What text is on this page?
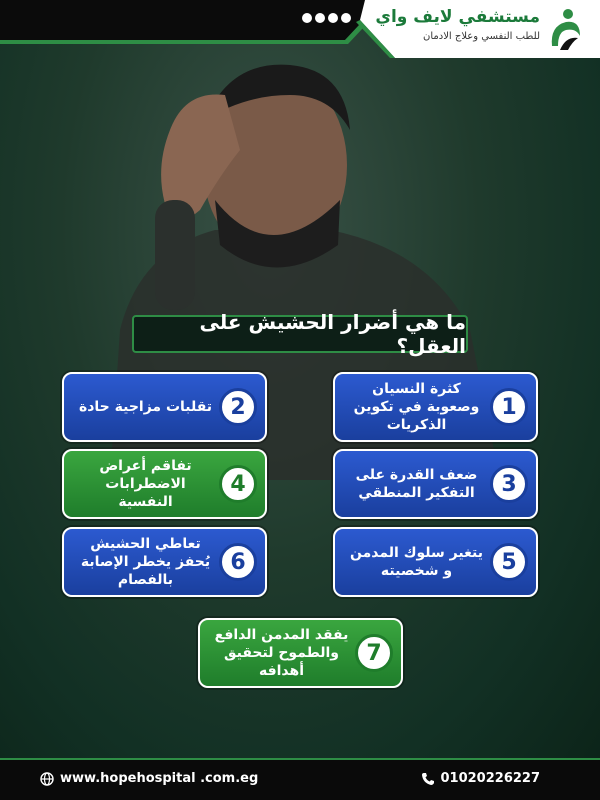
مستشفي لايف واي
للطب النفسي وعلاج الادمان
ما هي أضرار الحشيش على العقل؟
1
كثرة النسيان وصعوبة في تكوين الذكريات
2
تقلبات مزاجية حادة
3
ضعف القدرة على التفكير المنطقي
4
تفاقم أعراض الاضطرابات النفسية
5
يتغير سلوك المدمن و شخصيته
6
تعاطي الحشيش يُحفز يخطر الإصابة بالفصام
7
يفقد المدمن الدافع والطموح لتحقيق أهدافه
www.hopehospital .com.eg	01020226227
